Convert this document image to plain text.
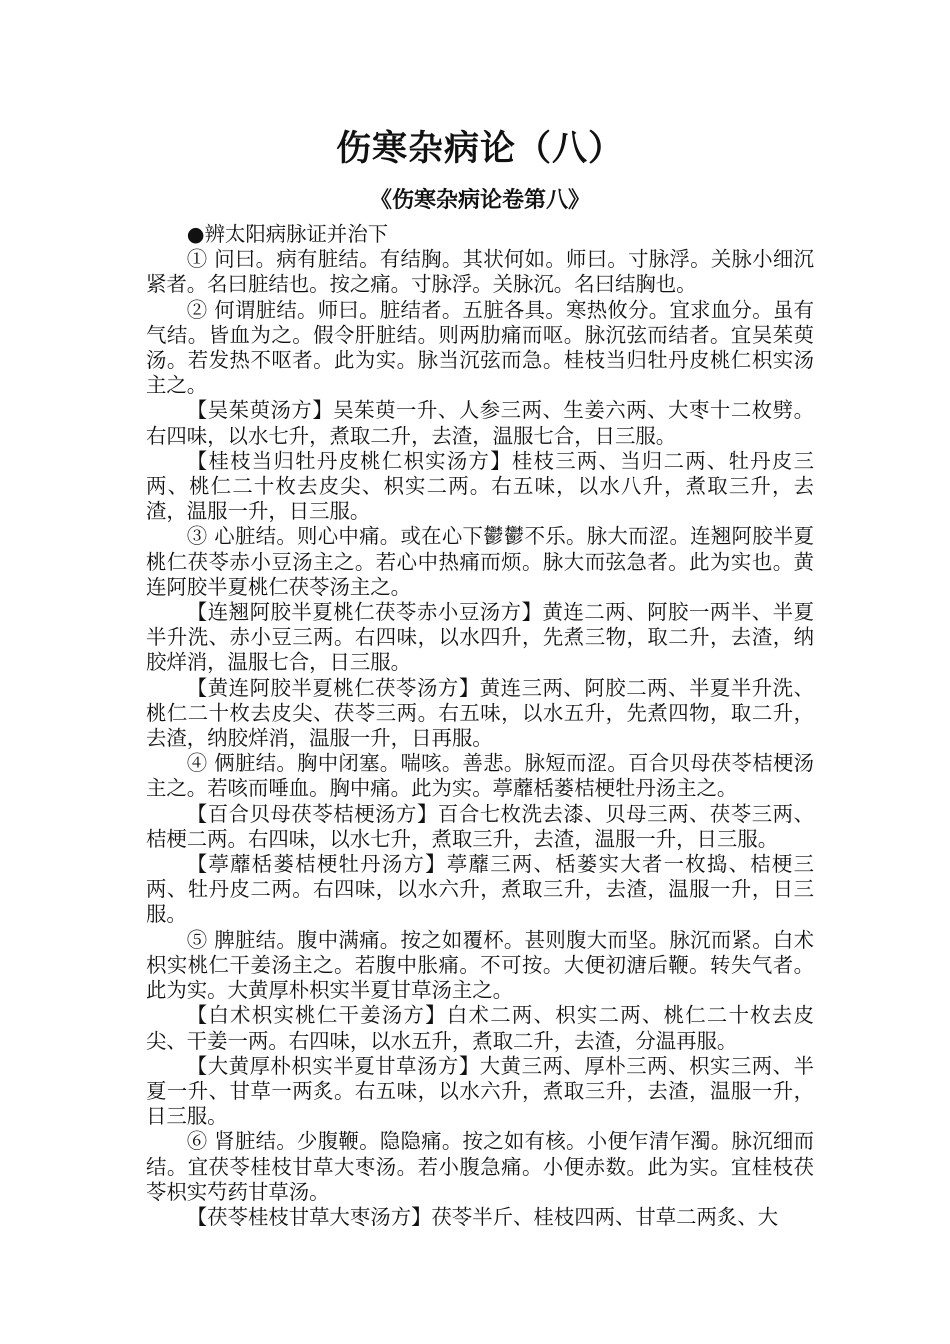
伤寒杂病论（八）
《伤寒杂病论卷第八》

●辨太阳病脉证并治下

① 问曰。病有脏结。有结胸。其状何如。师曰。寸脉浮。关脉小细沉紧者。名曰脏结也。按之痛。寸脉浮。关脉沉。名曰结胸也。

② 何谓脏结。师曰。脏结者。五脏各具。寒热攸分。宜求血分。虽有气结。皆血为之。假令肝脏结。则两肋痛而呕。脉沉弦而结者。宜吴茱萸汤。若发热不呕者。此为实。脉当沉弦而急。桂枝当归牡丹皮桃仁枳实汤主之。

【吴茱萸汤方】吴茱萸一升、人参三两、生姜六两、大枣十二枚劈。右四味，以水七升，煮取二升，去渣，温服七合，日三服。

【桂枝当归牡丹皮桃仁枳实汤方】桂枝三两、当归二两、牡丹皮三两、桃仁二十枚去皮尖、枳实二两。右五味，以水八升，煮取三升，去渣，温服一升，日三服。

③ 心脏结。则心中痛。或在心下鬱鬱不乐。脉大而涩。连翘阿胶半夏桃仁茯苓赤小豆汤主之。若心中热痛而烦。脉大而弦急者。此为实也。黄连阿胶半夏桃仁茯苓汤主之。

【连翘阿胶半夏桃仁茯苓赤小豆汤方】黄连二两、阿胶一两半、半夏半升洗、赤小豆三两。右四味，以水四升，先煮三物，取二升，去渣，纳胶烊消，温服七合，日三服。

【黄连阿胶半夏桃仁茯苓汤方】黄连三两、阿胶二两、半夏半升洗、桃仁二十枚去皮尖、茯苓三两。右五味，以水五升，先煮四物，取二升，去渣，纳胶烊消，温服一升，日再服。

④ 俩脏结。胸中闭塞。喘咳。善悲。脉短而涩。百合贝母茯苓桔梗汤主之。若咳而唾血。胸中痛。此为实。葶蘼栝蒌桔梗牡丹汤主之。

【百合贝母茯苓桔梗汤方】百合七枚洗去漆、贝母三两、茯苓三两、桔梗二两。右四味，以水七升，煮取三升，去渣，温服一升，日三服。

【葶蘼栝蒌桔梗牡丹汤方】葶蘼三两、栝蒌实大者一枚捣、桔梗三两、牡丹皮二两。右四味，以水六升，煮取三升，去渣，温服一升，日三服。

⑤ 脾脏结。腹中满痛。按之如覆杯。甚则腹大而坚。脉沉而紧。白术枳实桃仁干姜汤主之。若腹中胀痛。不可按。大便初溏后鞭。转失气者。此为实。大黄厚朴枳实半夏甘草汤主之。

【白术枳实桃仁干姜汤方】白术二两、枳实二两、桃仁二十枚去皮尖、干姜一两。右四味，以水五升，煮取二升，去渣，分温再服。

【大黄厚朴枳实半夏甘草汤方】大黄三两、厚朴三两、枳实三两、半夏一升、甘草一两炙。右五味，以水六升，煮取三升，去渣，温服一升，日三服。

⑥ 肾脏结。少腹鞭。隐隐痛。按之如有核。小便乍清乍濁。脉沉细而结。宜茯苓桂枝甘草大枣汤。若小腹急痛。小便赤数。此为实。宜桂枝茯苓枳实芍药甘草汤。

【茯苓桂枝甘草大枣汤方】茯苓半斤、桂枝四两、甘草二两炙、大
